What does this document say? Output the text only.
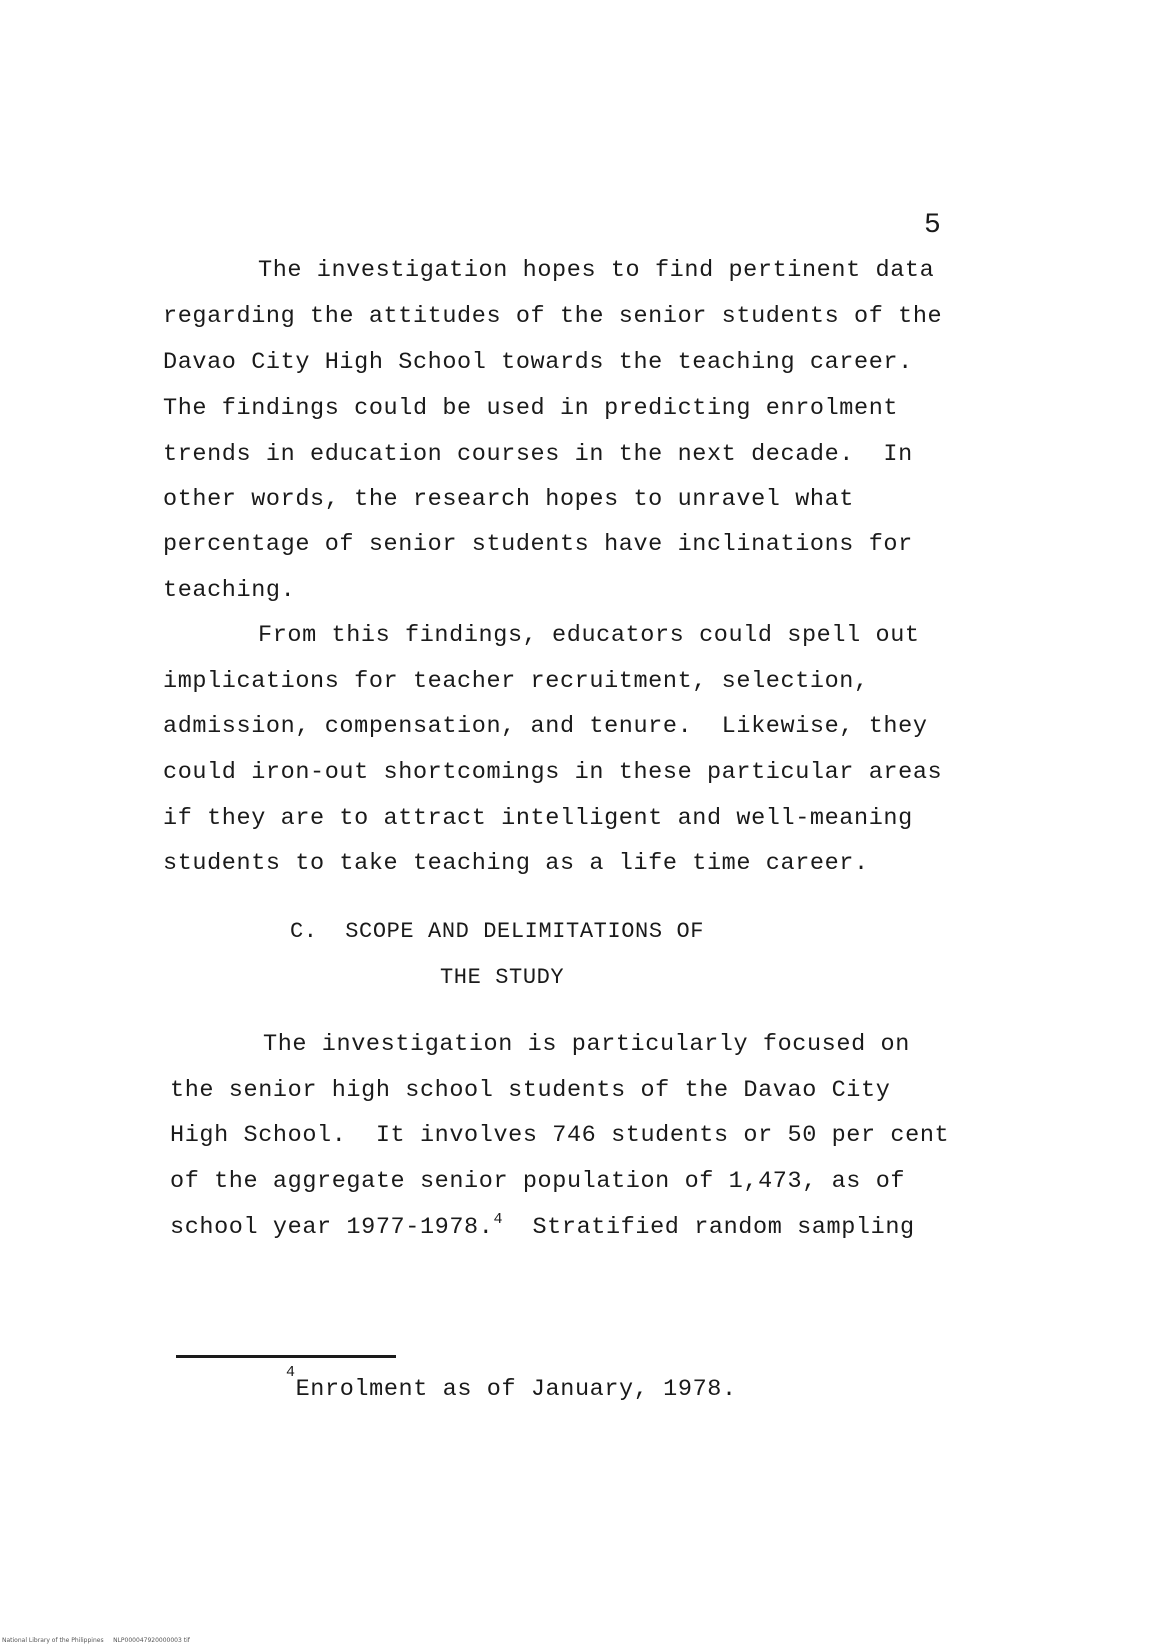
5
The investigation hopes to find pertinent data
regarding the attitudes of the senior students of the
Davao City High School towards the teaching career.
The findings could be used in predicting enrolment
trends in education courses in the next decade.  In
other words, the research hopes to unravel what
percentage of senior students have inclinations for
teaching.
From this findings, educators could spell out
implications for teacher recruitment, selection,
admission, compensation, and tenure.  Likewise, they
could iron-out shortcomings in these particular areas
if they are to attract intelligent and well-meaning
students to take teaching as a life time career.
C.  SCOPE AND DELIMITATIONS OF
THE STUDY
The investigation is particularly focused on
the senior high school students of the Davao City
High School.  It involves 746 students or 50 per cent
of the aggregate senior population of 1,473, as of
school year 1977-1978.$^4$  Stratified random sampling
$^4$Enrolment as of January, 1978.
National Library of the Philippines     NLP000047920000003 tif
